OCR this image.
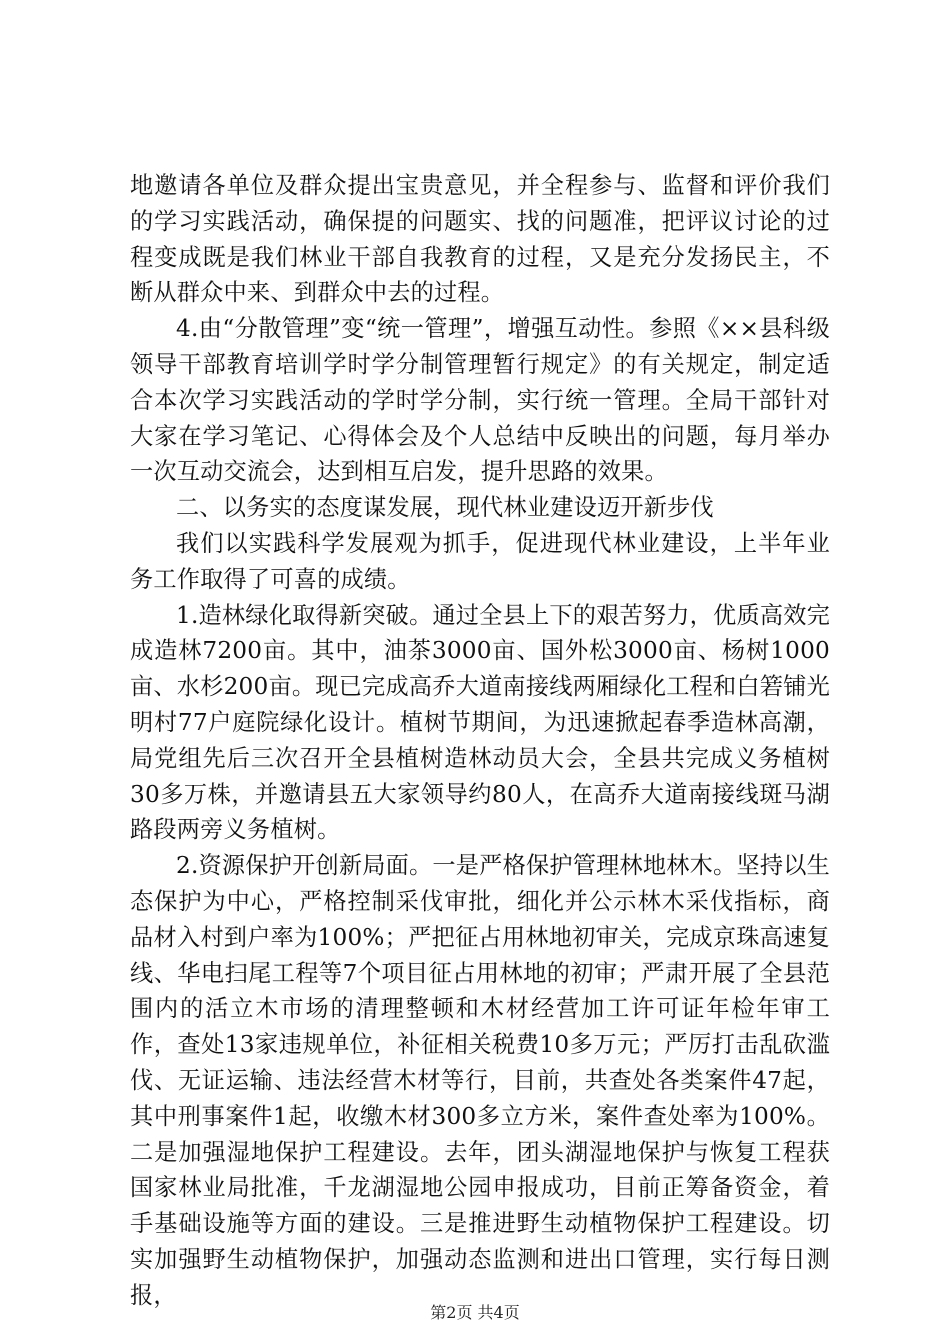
地邀请各单位及群众提出宝贵意见，并全程参与、监督和评价我们的学习实践活动，确保提的问题实、找的问题准，把评议讨论的过程变成既是我们林业干部自我教育的过程，又是充分发扬民主，不断从群众中来、到群众中去的过程。

4.由“分散管理”变“统一管理”，增强互动性。参照《××县科级领导干部教育培训学时学分制管理暂行规定》的有关规定，制定适合本次学习实践活动的学时学分制，实行统一管理。全局干部针对大家在学习笔记、心得体会及个人总结中反映出的问题，每月举办一次互动交流会，达到相互启发，提升思路的效果。

二、以务实的态度谋发展，现代林业建设迈开新步伐

我们以实践科学发展观为抓手，促进现代林业建设，上半年业务工作取得了可喜的成绩。

1.造林绿化取得新突破。通过全县上下的艰苦努力，优质高效完成造林7200亩。其中，油茶3000亩、国外松3000亩、杨树1000亩、水杉200亩。现已完成高乔大道南接线两厢绿化工程和白箬铺光明村77户庭院绿化设计。植树节期间，为迅速掀起春季造林高潮，局党组先后三次召开全县植树造林动员大会，全县共完成义务植树30多万株，并邀请县五大家领导约80人，在高乔大道南接线斑马湖路段两旁义务植树。

2.资源保护开创新局面。一是严格保护管理林地林木。坚持以生态保护为中心，严格控制采伐审批，细化并公示林木采伐指标，商品材入村到户率为100%；严把征占用林地初审关，完成京珠高速复线、华电扫尾工程等7个项目征占用林地的初审；严肃开展了全县范围内的活立木市场的清理整顿和木材经营加工许可证年检年审工作，查处13家违规单位，补征相关税费10多万元；严厉打击乱砍滥伐、无证运输、违法经营木材等行，目前，共查处各类案件47起，其中刑事案件1起，收缴木材300多立方米，案件查处率为100%。二是加强湿地保护工程建设。去年，团头湖湿地保护与恢复工程获国家林业局批准，千龙湖湿地公园申报成功，目前正筹备资金，着手基础设施等方面的建设。三是推进野生动植物保护工程建设。切实加强野生动植物保护，加强动态监测和进出口管理，实行每日测报，

第2页 共4页
